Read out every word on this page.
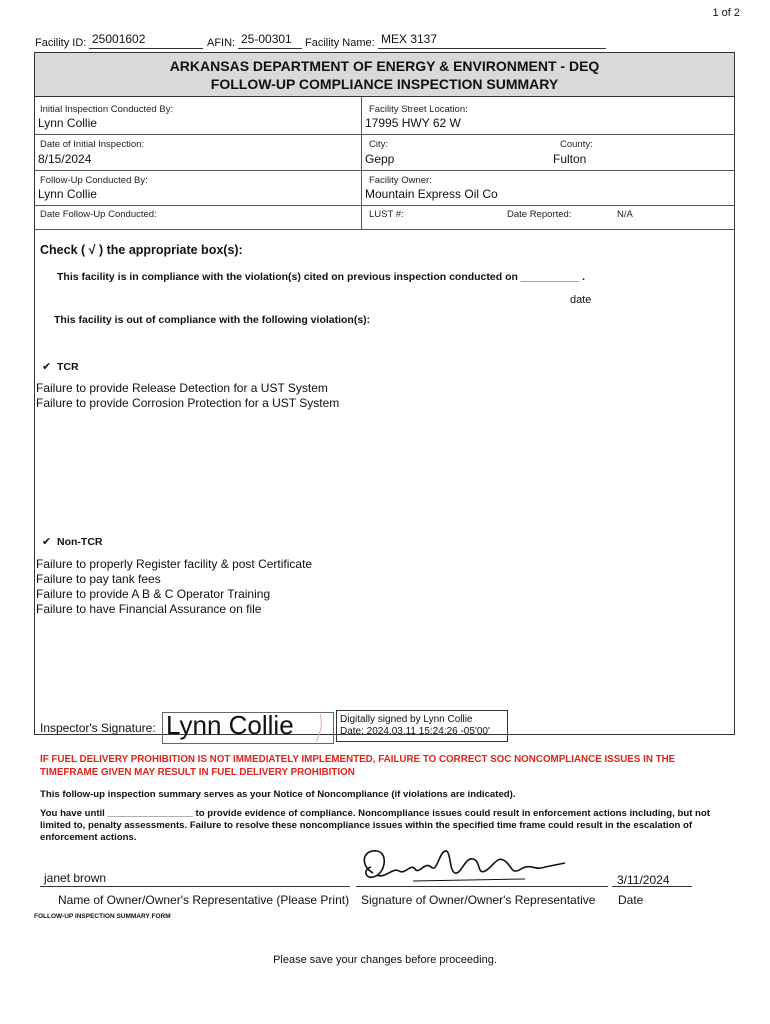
1 of 2
Facility ID: 25001602	AFIN: 25-00301 Facility Name: MEX 3137
ARKANSAS DEPARTMENT OF ENERGY & ENVIRONMENT - DEQ
FOLLOW-UP COMPLIANCE INSPECTION SUMMARY
Initial Inspection Conducted By:
Lynn Collie
Facility Street Location:
17995 HWY 62 W
Date of Initial Inspection:
8/15/2024
City:
Gepp
County:
Fulton
Follow-Up Conducted By:
Lynn Collie
Facility Owner:
Mountain Express Oil Co
Date Follow-Up Conducted:	LUST #:	Date Reported:	N/A
Check ( √ ) the appropriate box(s):
This facility is in compliance with the violation(s) cited on previous inspection conducted on __________ .
date
This facility is out of compliance with the following violation(s):
✔ TCR
Failure to provide Release Detection for a UST System
Failure to provide Corrosion Protection for a UST System
✔ Non-TCR
Failure to properly Register facility & post Certificate
Failure to pay tank fees
Failure to provide A B & C Operator Training
Failure to have Financial Assurance on file
Inspector's Signature: Lynn Collie	Digitally signed by Lynn Collie
Date: 2024.03.11 15:24:26 -05'00'
IF FUEL DELIVERY PROHIBITION IS NOT IMMEDIATELY IMPLEMENTED, FAILURE TO CORRECT SOC NONCOMPLIANCE ISSUES IN THE TIMEFRAME GIVEN MAY RESULT IN FUEL DELIVERY PROHIBITION
This follow-up inspection summary serves as your Notice of Noncompliance (if violations are indicated).
You have until ________________ to provide evidence of compliance. Noncompliance issues could result in enforcement actions including, but not limited to, penalty assessments. Failure to resolve these noncompliance issues within the specified time frame could result in the escalation of enforcement actions.
janet brown
Name of Owner/Owner's Representative (Please Print) Signature of Owner/Owner's Representative
3/11/2024
Date
FOLLOW-UP INSPECTION SUMMARY FORM
Please save your changes before proceeding.
